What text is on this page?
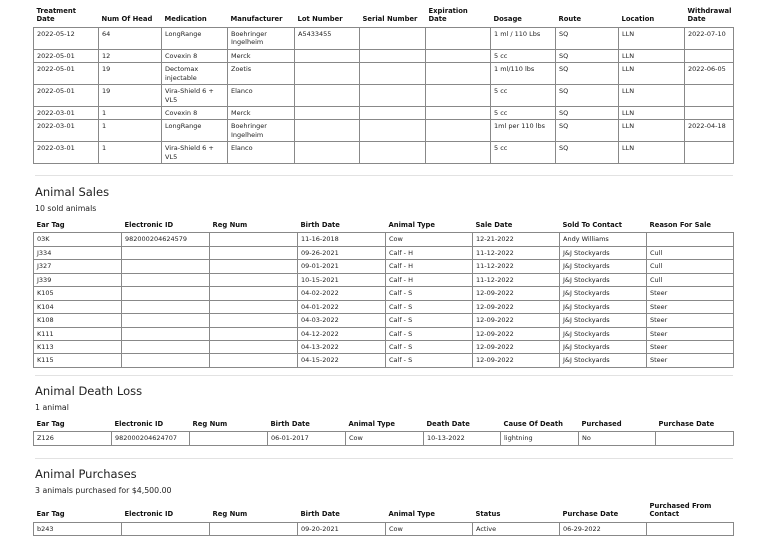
Treatment Date	Num Of Head	Medication	Manufacturer	Lot Number	Serial Number	Expiration Date	Dosage	Route	Location	Withdrawal Date
2022-05-12	64	LongRange	Boehringer Ingelheim	A5433455			1 ml / 110 Lbs	SQ	LLN	2022-07-10
2022-05-01	12	Covexin 8	Merck				5 cc	SQ	LLN	
2022-05-01	19	Dectomax injectable	Zoetis				1 ml/110 lbs	SQ	LLN	2022-06-05
2022-05-01	19	Vira-Shield 6 + VL5	Elanco				5 cc	SQ	LLN	
2022-03-01	1	Covexin 8	Merck				5 cc	SQ	LLN	
2022-03-01	1	LongRange	Boehringer Ingelheim				1ml per 110 lbs	SQ	LLN	2022-04-18
2022-03-01	1	Vira-Shield 6 + VL5	Elanco				5 cc	SQ	LLN	
Animal Sales
10 sold animals
Ear Tag	Electronic ID	Reg Num	Birth Date	Animal Type	Sale Date	Sold To Contact	Reason For Sale
03K	982000204624579		11-16-2018	Cow	12-21-2022	Andy Williams	
J334			09-26-2021	Calf - H	11-12-2022	J&J Stockyards	Cull
J327			09-01-2021	Calf - H	11-12-2022	J&J Stockyards	Cull
J339			10-15-2021	Calf - H	11-12-2022	J&J Stockyards	Cull
K105			04-02-2022	Calf - S	12-09-2022	J&J Stockyards	Steer
K104			04-01-2022	Calf - S	12-09-2022	J&J Stockyards	Steer
K108			04-03-2022	Calf - S	12-09-2022	J&J Stockyards	Steer
K111			04-12-2022	Calf - S	12-09-2022	J&J Stockyards	Steer
K113			04-13-2022	Calf - S	12-09-2022	J&J Stockyards	Steer
K115			04-15-2022	Calf - S	12-09-2022	J&J Stockyards	Steer
Animal Death Loss
1 animal
Ear Tag	Electronic ID	Reg Num	Birth Date	Animal Type	Death Date	Cause Of Death	Purchased	Purchase Date
Z126	982000204624707		06-01-2017	Cow	10-13-2022	lightning	No	
Animal Purchases
3 animals purchased for $4,500.00
Ear Tag	Electronic ID	Reg Num	Birth Date	Animal Type	Status	Purchase Date	Purchased From Contact
b243			09-20-2021	Cow	Active	06-29-2022	
